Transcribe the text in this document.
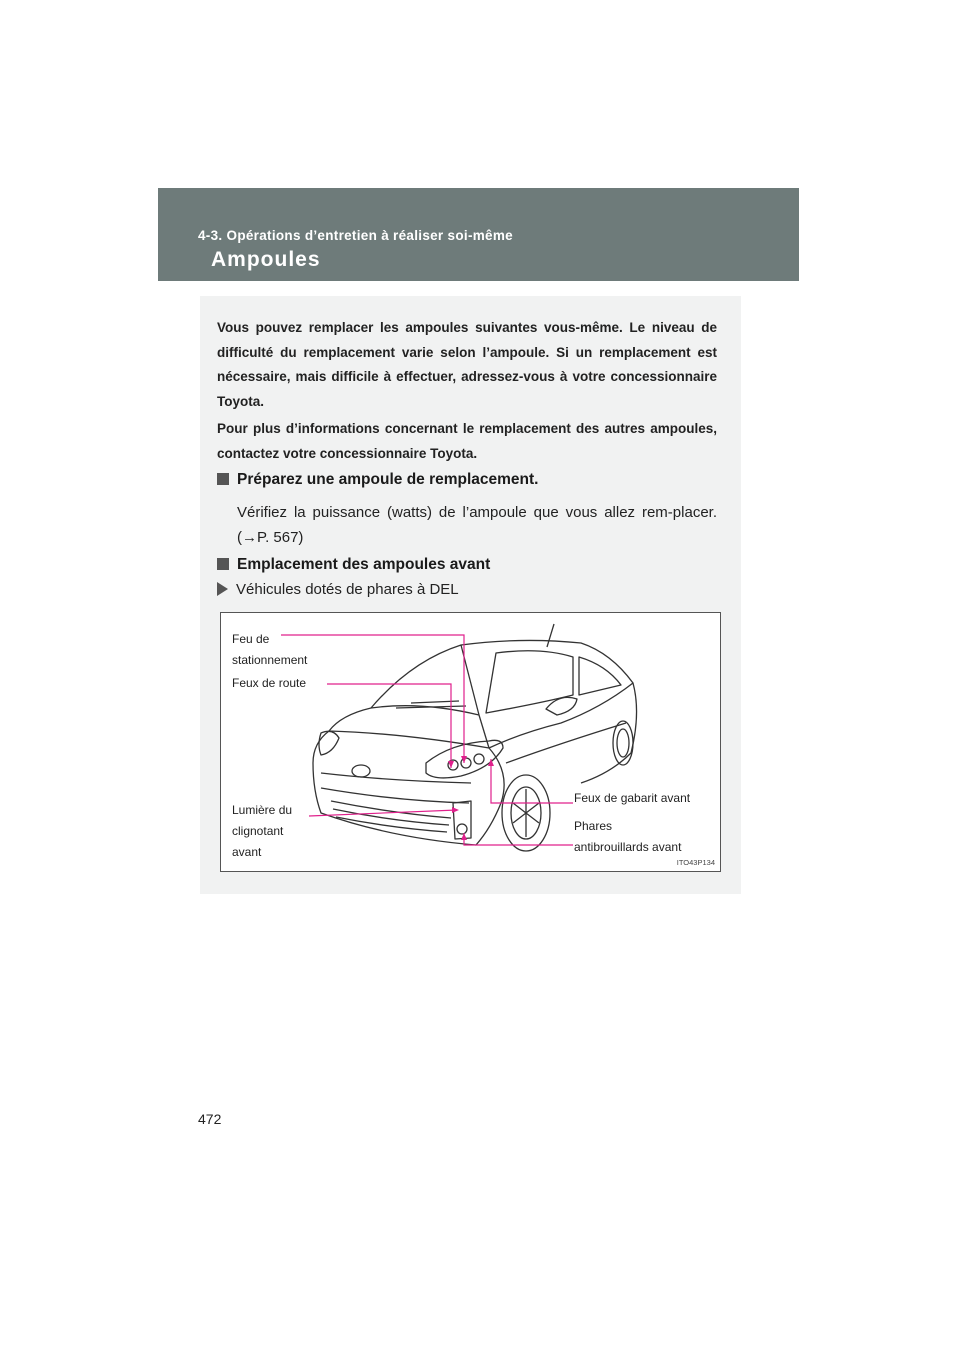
4-3. Opérations d’entretien à réaliser soi-même
Ampoules
Vous pouvez remplacer les ampoules suivantes vous-même. Le niveau de difficulté du remplacement varie selon l’ampoule. Si un remplacement est nécessaire, mais difficile à effectuer, adressez-vous à votre concessionnaire Toyota.
Pour plus d’informations concernant le remplacement des autres ampoules, contactez votre concessionnaire Toyota.
Préparez une ampoule de remplacement.
Vérifiez la puissance (watts) de l’ampoule que vous allez rem-placer. (→P. 567)
Emplacement des ampoules avant
Véhicules dotés de phares à DEL
Feu de
stationnement
Feux de route
Lumière du
clignotant
avant
Feux de gabarit avant
Phares
antibrouillards avant
ITO43P134
472
